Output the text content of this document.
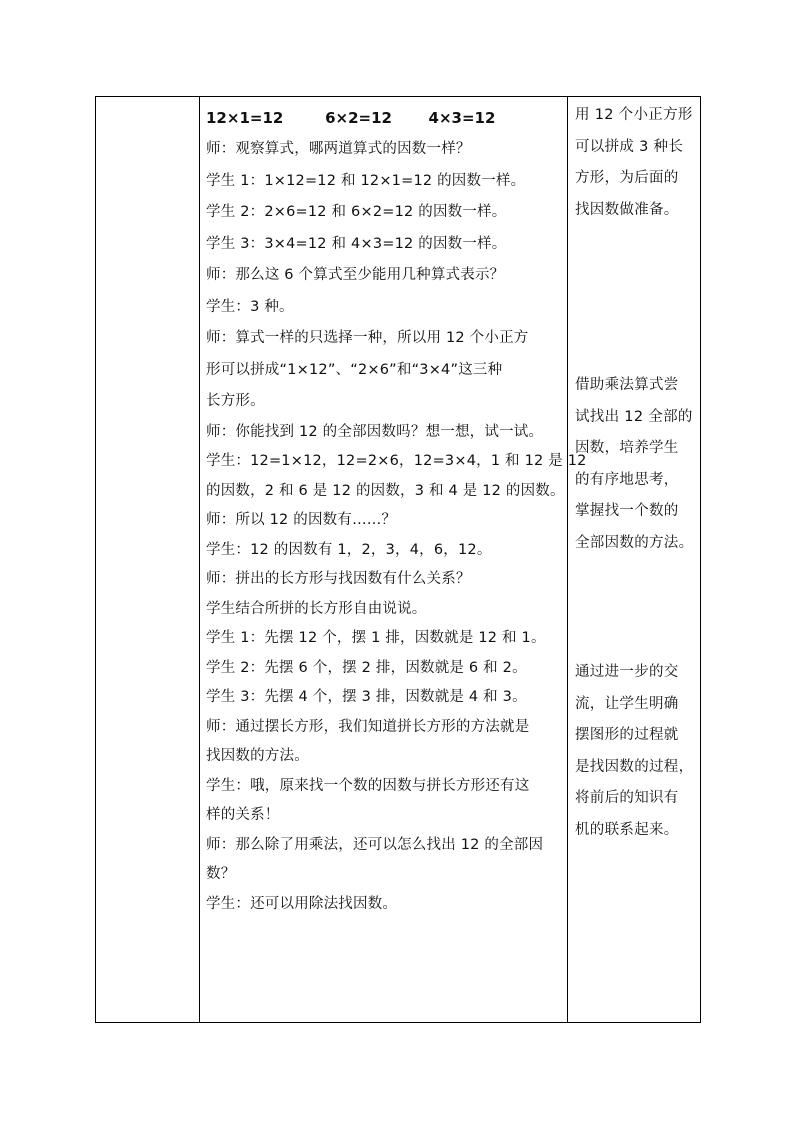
12×1=12        6×2=12       4×3=12
师：观察算式，哪两道算式的因数一样？
学生 1：1×12=12 和 12×1=12 的因数一样。
学生 2：2×6=12 和 6×2=12 的因数一样。
学生 3：3×4=12 和 4×3=12 的因数一样。
师：那么这 6 个算式至少能用几种算式表示？
学生：3 种。
师：算式一样的只选择一种，所以用 12 个小正方
形可以拼成“1×12”、“2×6”和“3×4”这三种
长方形。
师：你能找到 12 的全部因数吗？想一想，试一试。
学生：12=1×12，12=2×6，12=3×4，1 和 12 是 12
的因数，2 和 6 是 12 的因数，3 和 4 是 12 的因数。
师：所以 12 的因数有……？
学生：12 的因数有 1，2，3，4，6，12。
师：拼出的长方形与找因数有什么关系？
学生结合所拼的长方形自由说说。
学生 1：先摆 12 个，摆 1 排，因数就是 12 和 1。
学生 2：先摆 6 个，摆 2 排，因数就是 6 和 2。
学生 3：先摆 4 个，摆 3 排，因数就是 4 和 3。
师：通过摆长方形，我们知道拼长方形的方法就是
找因数的方法。
学生：哦，原来找一个数的因数与拼长方形还有这
样的关系！
师：那么除了用乘法，还可以怎么找出 12 的全部因
数？
学生：还可以用除法找因数。

用 12 个小正方形
可以拼成 3 种长
方形，为后面的
找因数做准备。
借助乘法算式尝
试找出 12 全部的
因数，培养学生
的有序地思考，
掌握找一个数的
全部因数的方法。
通过进一步的交
流，让学生明确
摆图形的过程就
是找因数的过程，
将前后的知识有
机的联系起来。
